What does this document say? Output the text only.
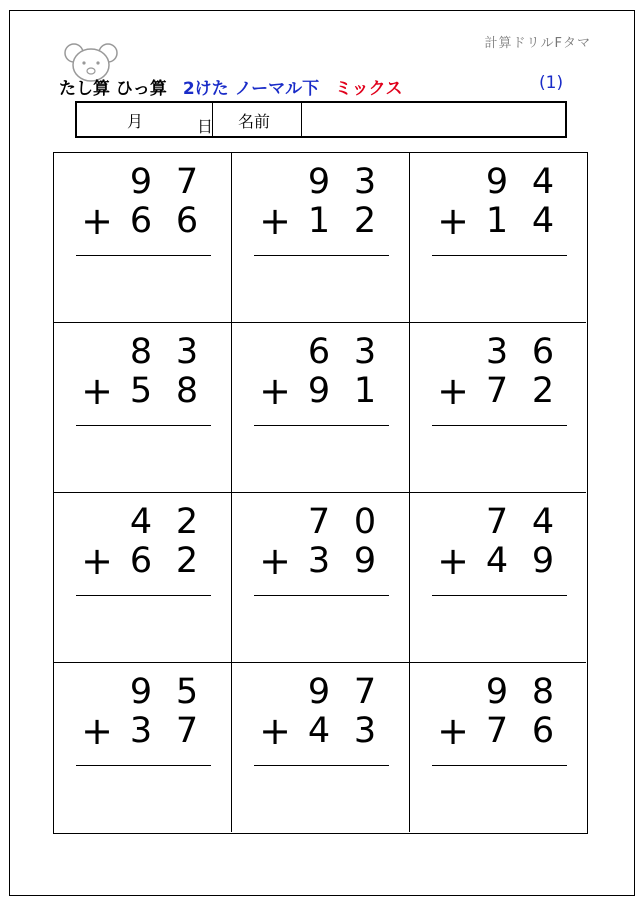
計算ドリルFタマ
たし算 ひっ算 2けた ノーマル下 ミックス	(1)
月	日	名前
9 7
+ 6 6
9 3
+ 1 2
9 4
+ 1 4
8 3
+ 5 8
6 3
+ 9 1
3 6
+ 7 2
4 2
+ 6 2
7 0
+ 3 9
7 4
+ 4 9
9 5
+ 3 7
9 7
+ 4 3
9 8
+ 7 6
